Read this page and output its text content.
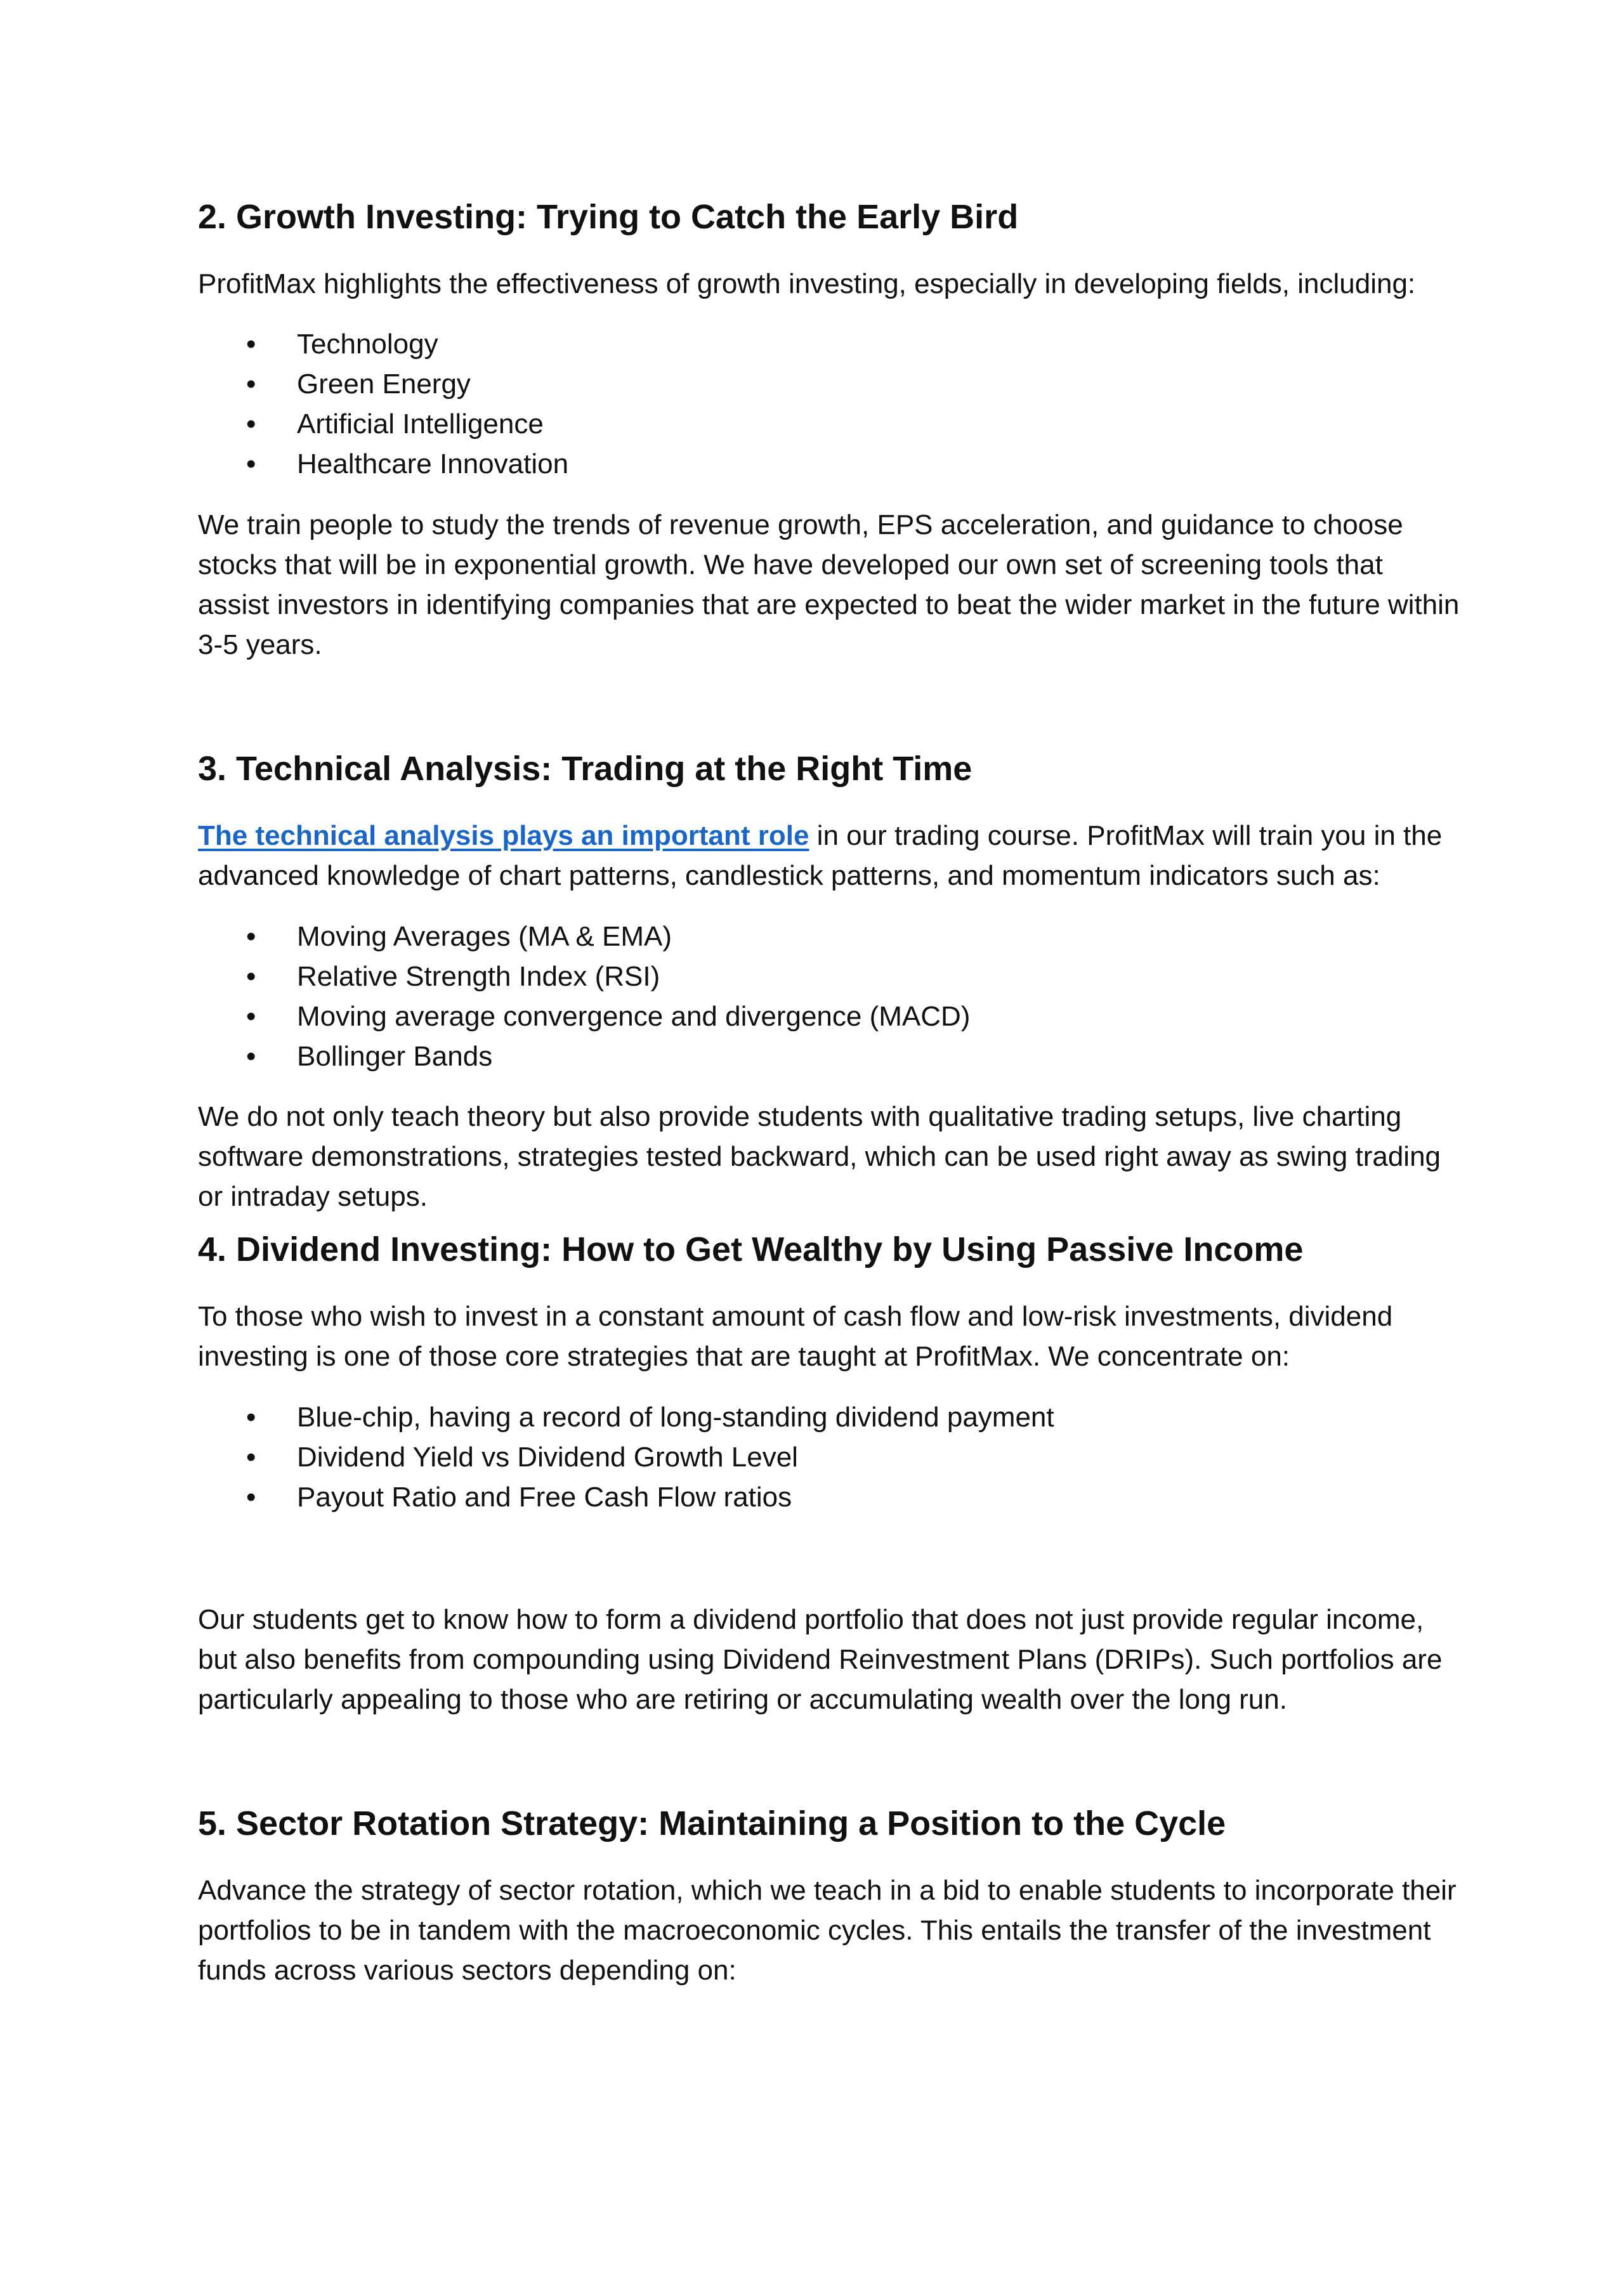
2. Growth Investing: Trying to Catch the Early Bird

ProfitMax highlights the effectiveness of growth investing, especially in developing fields, including:

• Technology
• Green Energy
• Artificial Intelligence
• Healthcare Innovation

We train people to study the trends of revenue growth, EPS acceleration, and guidance to choose stocks that will be in exponential growth. We have developed our own set of screening tools that assist investors in identifying companies that are expected to beat the wider market in the future within 3-5 years.

3. Technical Analysis: Trading at the Right Time

The technical analysis plays an important role in our trading course. ProfitMax will train you in the advanced knowledge of chart patterns, candlestick patterns, and momentum indicators such as:

• Moving Averages (MA & EMA)
• Relative Strength Index (RSI)
• Moving average convergence and divergence (MACD)
• Bollinger Bands

We do not only teach theory but also provide students with qualitative trading setups, live charting software demonstrations, strategies tested backward, which can be used right away as swing trading or intraday setups.

4. Dividend Investing: How to Get Wealthy by Using Passive Income

To those who wish to invest in a constant amount of cash flow and low-risk investments, dividend investing is one of those core strategies that are taught at ProfitMax. We concentrate on:

• Blue-chip, having a record of long-standing dividend payment
• Dividend Yield vs Dividend Growth Level
• Payout Ratio and Free Cash Flow ratios

Our students get to know how to form a dividend portfolio that does not just provide regular income, but also benefits from compounding using Dividend Reinvestment Plans (DRIPs). Such portfolios are particularly appealing to those who are retiring or accumulating wealth over the long run.

5. Sector Rotation Strategy: Maintaining a Position to the Cycle

Advance the strategy of sector rotation, which we teach in a bid to enable students to incorporate their portfolios to be in tandem with the macroeconomic cycles. This entails the transfer of the investment funds across various sectors depending on:
